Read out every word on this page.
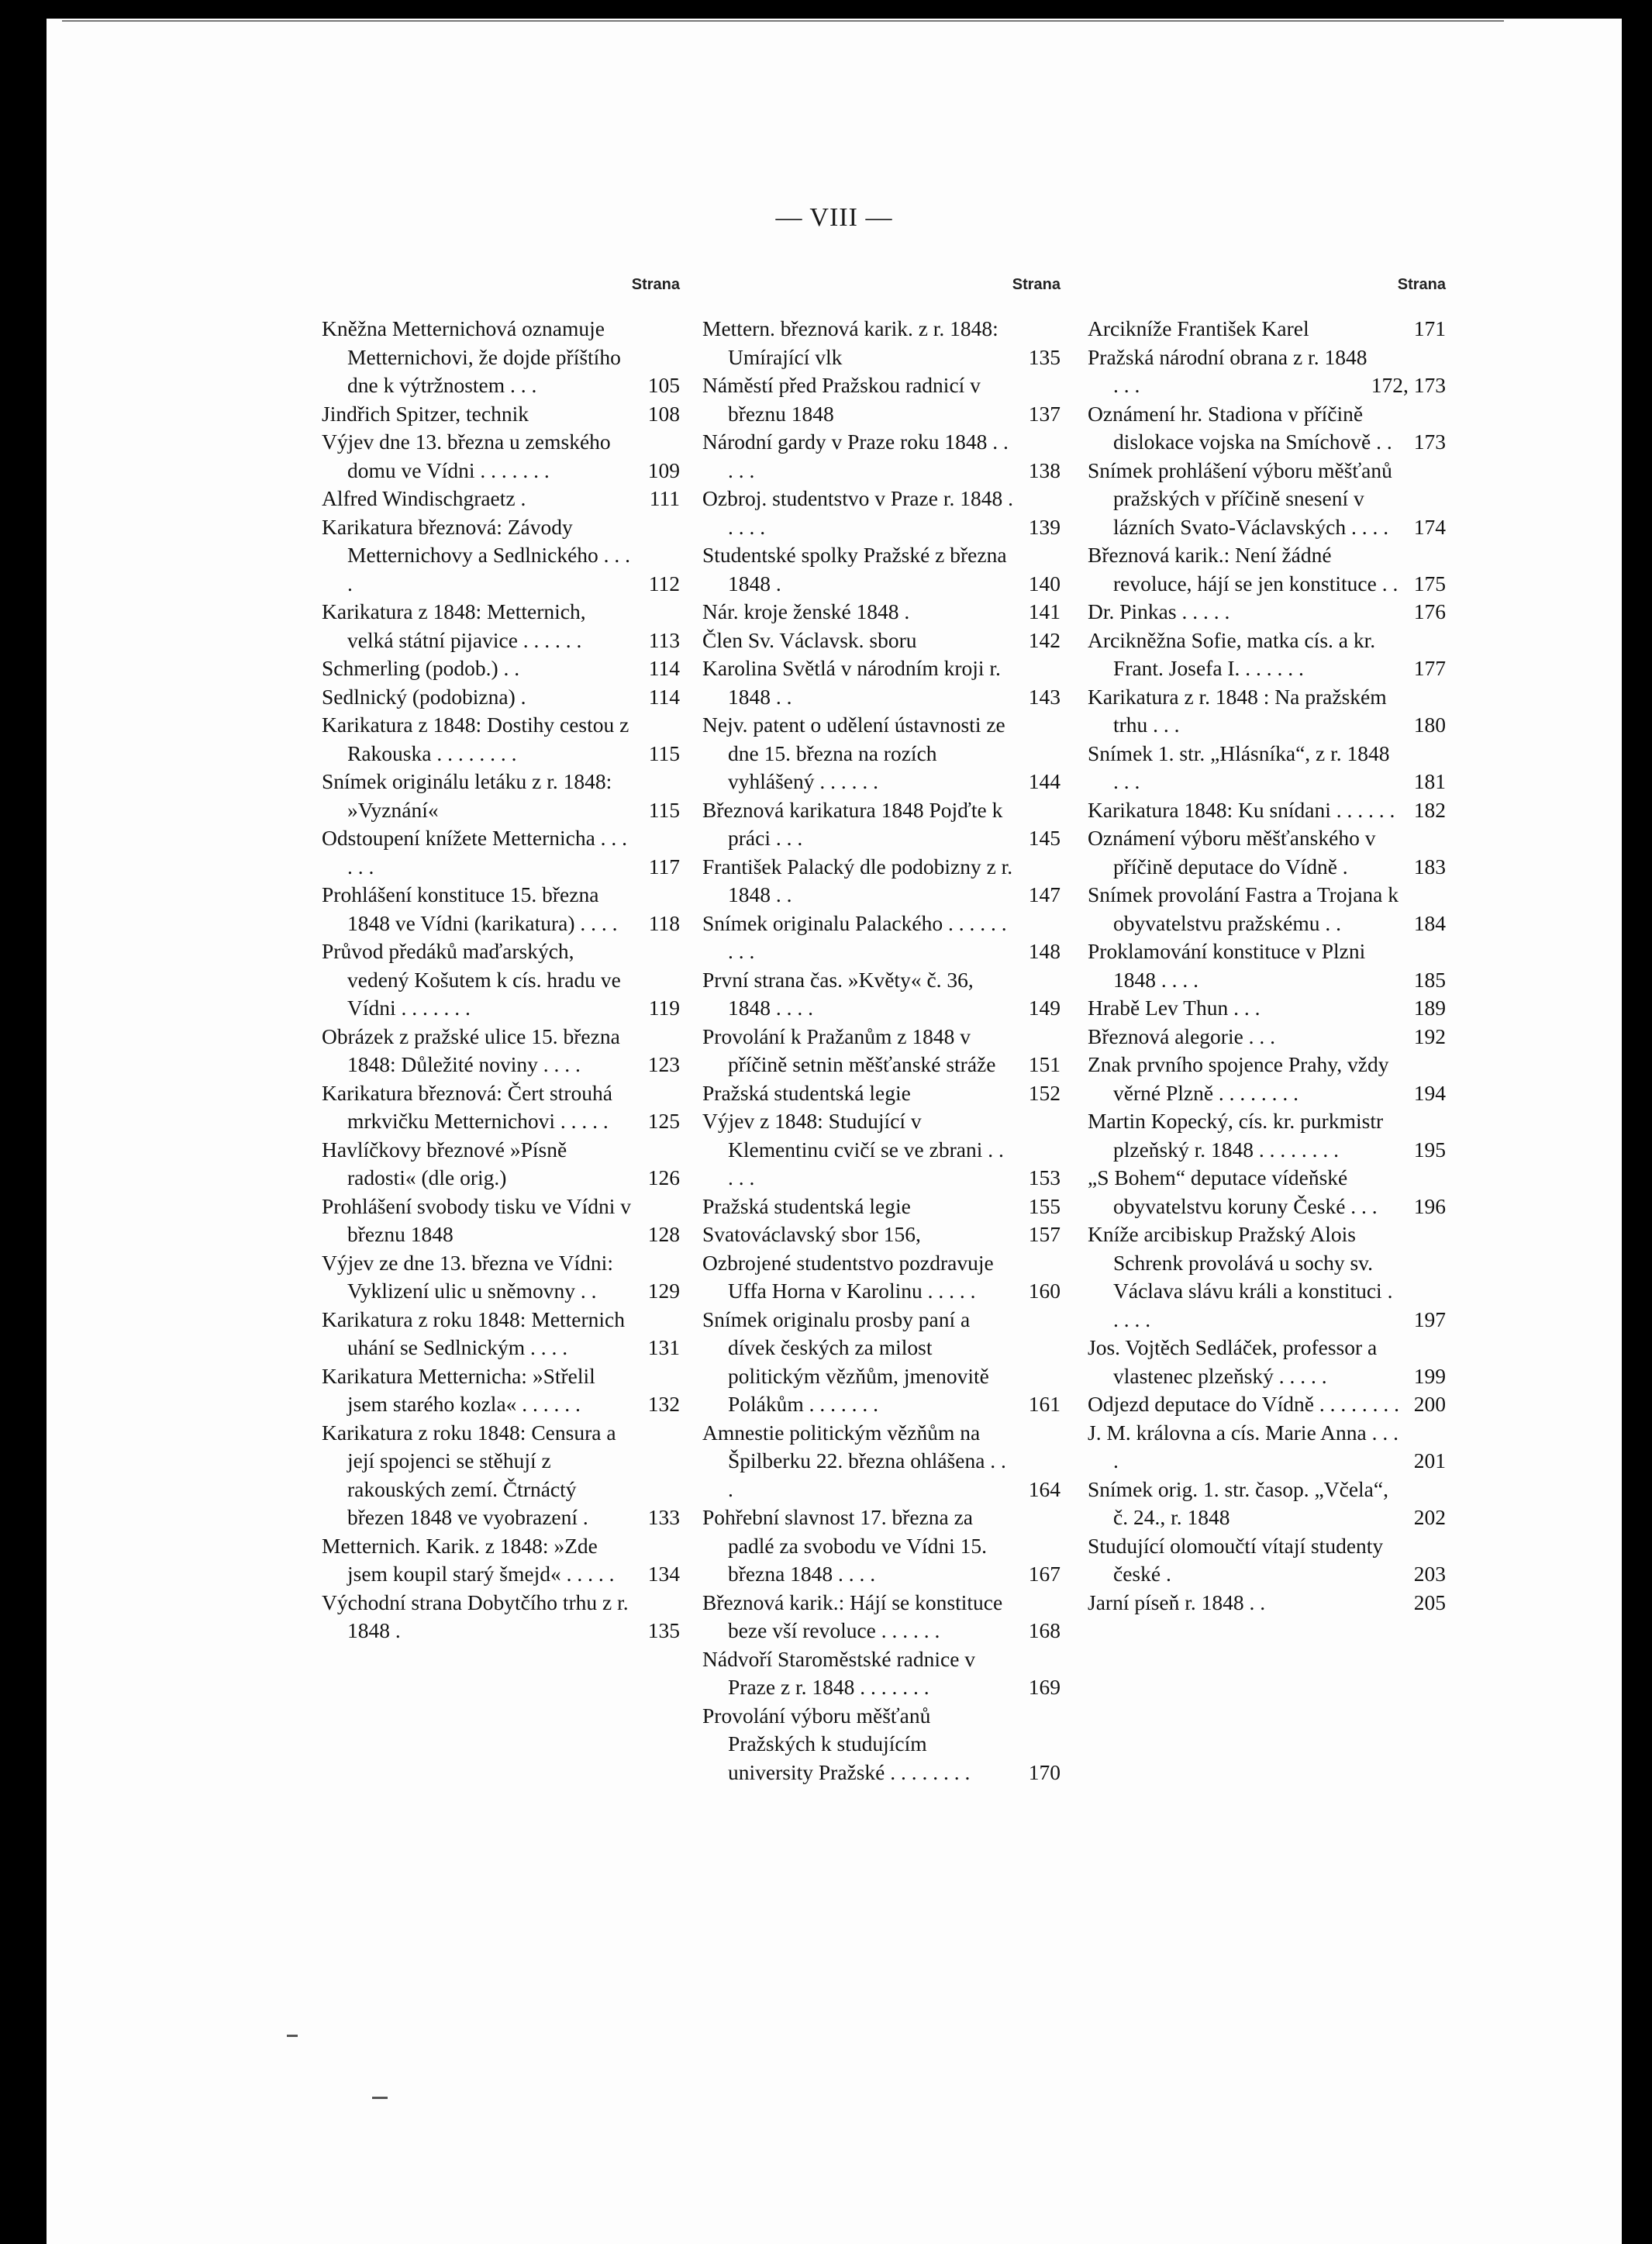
— VIII —
Strana
Kněžna Metternichová oznamuje Metternichovi, že dojde příštího dne k výtržnostem . . .	105
Jindřich Spitzer, technik	108
Výjev dne 13. března u zemského domu ve Vídni . . . . . . .	109
Alfred Windischgraetz .	111
Karikatura březnová: Závody Metternichovy a Sedlnického . . . .	112
Karikatura z 1848: Metternich, velká státní pijavice . . . . . .	113
Schmerling (podob.) . .	114
Sedlnický (podobizna) .	114
Karikatura z 1848: Dostihy cestou z Rakouska . . . . . . . .	115
Snímek originálu letáku z r. 1848: »Vyznání«	115
Odstoupení knížete Metternicha . . . . . .	117
Prohlášení konstituce 15. března 1848 ve Vídni (karikatura) . . . .	118
Průvod předáků maďarských, vedený Košutem k cís. hradu ve Vídni . . . . . . .	119
Obrázek z pražské ulice 15. března 1848: Důležité noviny . . . .	123
Karikatura březnová: Čert strouhá mrkvičku Metternichovi . . . . .	125
Havlíčkovy březnové »Písně radosti« (dle orig.)	126
Prohlášení svobody tisku ve Vídni v březnu 1848	128
Výjev ze dne 13. března ve Vídni: Vyklizení ulic u sněmovny . .	129
Karikatura z roku 1848: Metternich uhání se Sedlnickým . . . .	131
Karikatura Metternicha: »Střelil jsem starého kozla« . . . . . .	132
Karikatura z roku 1848: Censura a její spojenci se stěhují z rakouských zemí. Čtrnáctý březen 1848 ve vyobrazení .	133
Metternich. Karik. z 1848: »Zde jsem koupil starý šmejd« . . . . .	134
Východní strana Dobytčího trhu z r. 1848 .	135
Strana
Mettern. březnová karik. z r. 1848: Umírající vlk	135
Náměstí před Pražskou radnicí v březnu 1848	137
Národní gardy v Praze roku 1848 . . . . .	138
Ozbroj. studentstvo v Praze r. 1848 . . . . .	139
Studentské spolky Pražské z března 1848 .	140
Nár. kroje ženské 1848 .	141
Člen Sv. Václavsk. sboru	142
Karolina Světlá v národním kroji r. 1848 . .	143
Nejv. patent o udělení ústavnosti ze dne 15. března na rozích vyhlášený . . . . . .	144
Březnová karikatura 1848 Pojďte k práci . . .	145
František Palacký dle podobizny z r. 1848 . .	147
Snímek originalu Palackého . . . . . . . . .	148
První strana čas. »Květy« č. 36, 1848 . . . .	149
Provolání k Pražanům z 1848 v příčině setnin měšťanské stráže	151
Pražská studentská legie	152
Výjev z 1848: Studující v Klementinu cvičí se ve zbrani . . . . .	153
Pražská studentská legie	155
Svatováclavský sbor 156,	157
Ozbrojené studentstvo pozdravuje Uffa Horna v Karolinu . . . . .	160
Snímek originalu prosby paní a dívek českých za milost politickým vězňům, jmenovitě Polákům . . . . . . .	161
Amnestie politickým vězňům na Špilberku 22. března ohlášena . . .	164
Pohřební slavnost 17. března za padlé za svobodu ve Vídni 15. března 1848 . . . .	167
Březnová karik.: Hájí se konstituce beze vší revoluce . . . . . .	168
Nádvoří Staroměstské radnice v Praze z r. 1848 . . . . . . .	169
Provolání výboru měšťanů Pražských k studujícím university Pražské . . . . . . . .	170
Strana
Arcikníže František Karel	171
Pražská národní obrana z r. 1848 . . .	172, 173
Oznámení hr. Stadiona v příčině dislokace vojska na Smíchově . .	173
Snímek prohlášení výboru měšťanů pražských v příčině snesení v lázních Svato-Václavských . . . .	174
Březnová karik.: Není žádné revoluce, hájí se jen konstituce . . 175
Dr. Pinkas . . . . .	176
Arcikněžna Sofie, matka cís. a kr. Frant. Josefa I. . . . . . .	177
Karikatura z r. 1848 : Na pražském trhu . . .	180
Snímek 1. str. „Hlásníka“, z r. 1848 . . .	181
Karikatura 1848: Ku snídani . . . . . . 182
Oznámení výboru měšťanského v příčině deputace do Vídně .	183
Snímek provolání Fastra a Trojana k obyvatelstvu pražskému . .	184
Proklamování konstituce v Plzni 1848 . . . .	185
Hrabě Lev Thun . . .	189
Březnová alegorie . . .	192
Znak prvního spojence Prahy, vždy věrné Plzně . . . . . . . .	194
Martin Kopecký, cís. kr. purkmistr plzeňský r. 1848 . . . . . . . .	195
„S Bohem“ deputace vídeňské obyvatelstvu koruny České . . .	196
Kníže arcibiskup Pražský Alois Schrenk provolává u sochy sv. Václava slávu králi a konstituci . . . . .	197
Jos. Vojtěch Sedláček, professor a vlastenec plzeňský . . . . .	199
Odjezd deputace do Vídně . . . . . . . . 200
J. M. královna a cís. Marie Anna . . . .	201
Snímek orig. 1. str. časop. „Včela“, č. 24., r. 1848	202
Studující olomoučtí vítají studenty české .	203
Jarní píseň r. 1848 . .	205
